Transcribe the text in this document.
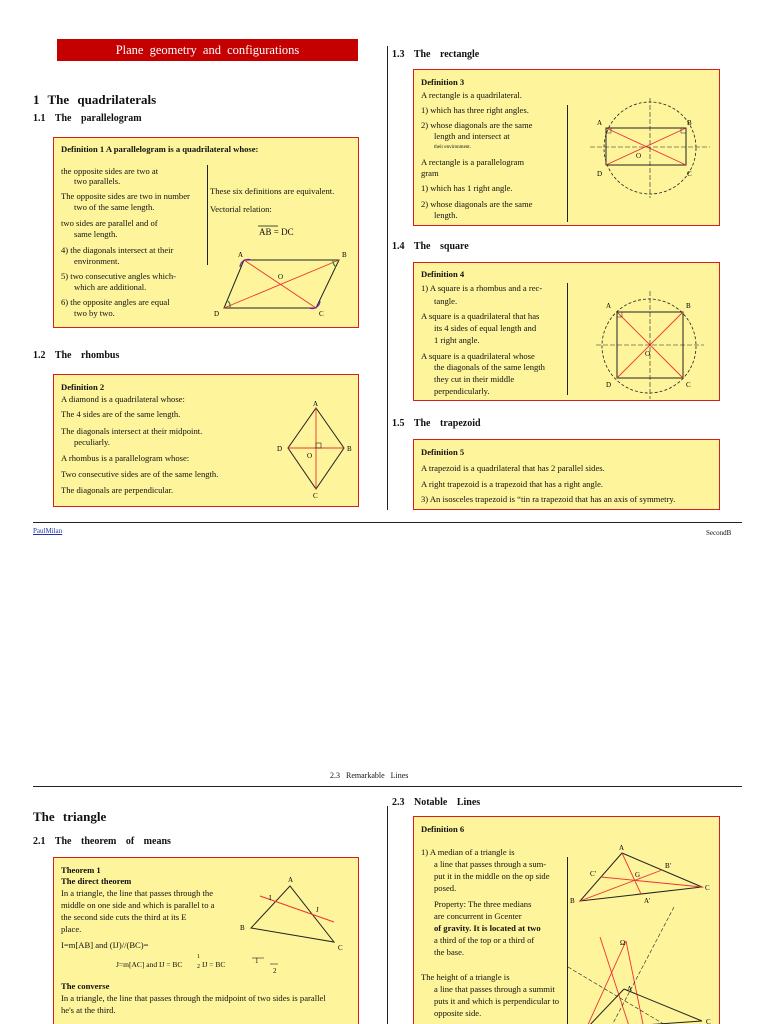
Plane geometry and configurations
1 The quadrilaterals
1.1 The parallelogram
Definition 1 A parallelogram is a quadrilateral whose:
the opposite sides are two at
two parallels.
The opposite sides are two in number
two of the same length.
two sides are parallel and of
same length.
4) the diagonals intersect at their
environment.
5) two consecutive angles which-
which are additional.
6) the opposite angles are equal
two by two.
These six definitions are equivalent.
Vectorial relation:
AB = DC
A	B
C
D
O
1.2 The rhombus
Definition 2
A diamond is a quadrilateral whose:
The 4 sides are of the same length.
The diagonals intersect at their midpoint.
peculiarly.
A rhombus is a parallelogram whose:
Two consecutive sides are of the same length.
The diagonals are perpendicular.
A
B
C
D
O
1.3 The rectangle
Definition 3
A rectangle is a quadrilateral.
1) which has three right angles.
2) whose diagonals are the same
length and intersect at
their environment.
A rectangle is a parallelogram
gram
1) which has 1 right angle.
2) whose diagonals are the same
length.
A	B
C
D
O
1.4 The square
Definition 4
1) A square is a rhombus and a rec-
tangle.
A square is a quadrilateral that has
its 4 sides of equal length and
1 right angle.
A square is a quadrilateral whose
the diagonals of the same length
they cut in their middle
perpendicularly.
A	B
C
D
O
1.5 The trapezoid
Definition 5
A trapezoid is a quadrilateral that has 2 parallel sides.
A right trapezoid is a trapezoid that has a right angle.
3) An isosceles trapezoid is “tin ra trapezoid that has an axis of symmetry.
PaulMilan	SecondB
2.3 Remarkable Lines
The triangle
2.1 The theorem of means
Theorem 1
The direct theorem
In a triangle, the line that passes through the
middle on one side and which is parallel to a
the second side cuts the third at its E
place.
I=m[AB] and (IJ)//(BC)=
J=m[AC] and IJ = BC
1
2 IJ = BC	1
2
The converse
In a triangle, the line that passes through the midpoint of two sides is parallel
he's at the third.
A
B
C
I
J
2.3 Notable Lines
Definition 6
1) A median of a triangle is
a line that passes through a sum-
put it in the middle on the op side
posed.
Property: The three medians
are concurrent in Gcenter
of gravity. It is located at two
a third of the top or a third of
the base.
The height of a triangle is
a line that passes through a summit
puts it and which is perpendicular to
opposite side.
A
B
C
A'
B'
C'	G
Ω
A
C
